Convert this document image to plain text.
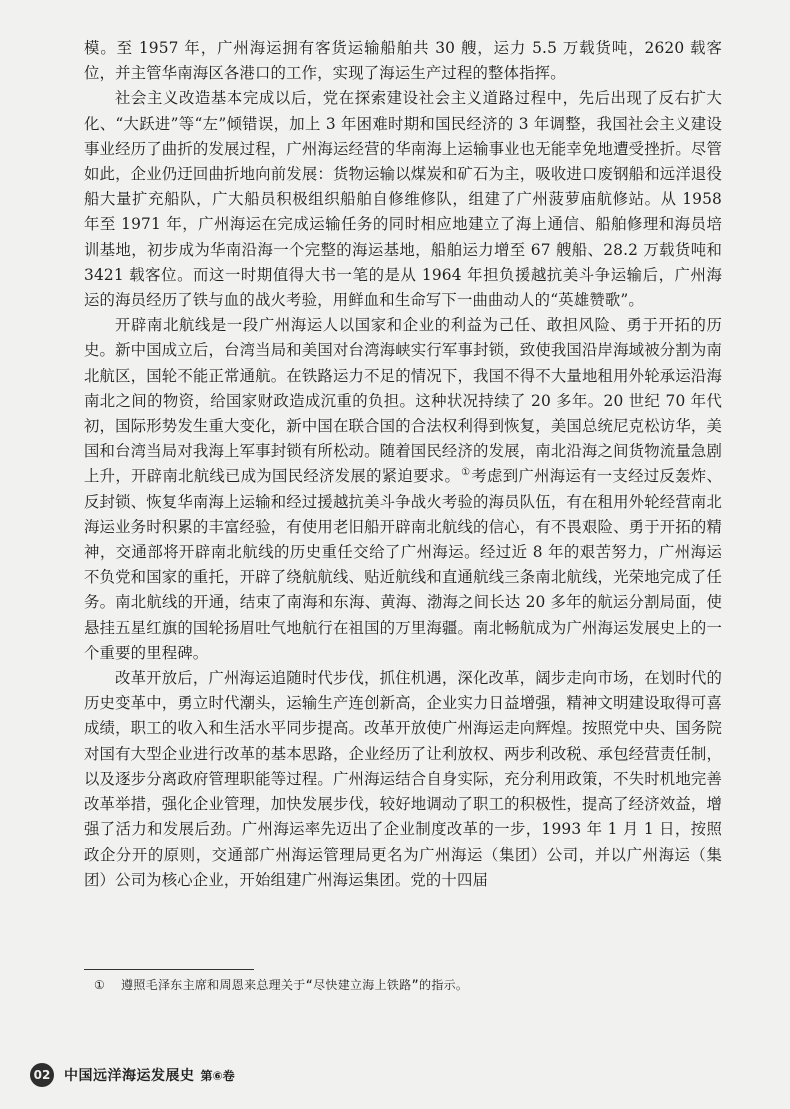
模。至 1957 年，广州海运拥有客货运输船舶共 30 艘，运力 5.5 万载货吨，2620 载客位，并主管华南海区各港口的工作，实现了海运生产过程的整体指挥。

社会主义改造基本完成以后，党在探索建设社会主义道路过程中，先后出现了反右扩大化、“大跃进”等“左”倾错误，加上 3 年困难时期和国民经济的 3 年调整，我国社会主义建设事业经历了曲折的发展过程，广州海运经营的华南海上运输事业也无能幸免地遭受挫折。尽管如此，企业仍迂回曲折地向前发展：货物运输以煤炭和矿石为主，吸收进口废钢船和远洋退役船大量扩充船队，广大船员积极组织船舶自修维修队，组建了广州菠萝庙航修站。从 1958 年至 1971 年，广州海运在完成运输任务的同时相应地建立了海上通信、船舶修理和海员培训基地，初步成为华南沿海一个完整的海运基地，船舶运力增至 67 艘船、28.2 万载货吨和 3421 载客位。而这一时期值得大书一笔的是从 1964 年担负援越抗美斗争运输后，广州海运的海员经历了铁与血的战火考验，用鲜血和生命写下一曲曲动人的“英雄赞歌”。

开辟南北航线是一段广州海运人以国家和企业的利益为己任、敢担风险、勇于开拓的历史。新中国成立后，台湾当局和美国对台湾海峡实行军事封锁，致使我国沿岸海域被分割为南北航区，国轮不能正常通航。在铁路运力不足的情况下，我国不得不大量地租用外轮承运沿海南北之间的物资，给国家财政造成沉重的负担。这种状况持续了 20 多年。20 世纪 70 年代初，国际形势发生重大变化，新中国在联合国的合法权利得到恢复，美国总统尼克松访华，美国和台湾当局对我海上军事封锁有所松动。随着国民经济的发展，南北沿海之间货物流量急剧上升，开辟南北航线已成为国民经济发展的紧迫要求。①考虑到广州海运有一支经过反轰炸、反封锁、恢复华南海上运输和经过援越抗美斗争战火考验的海员队伍，有在租用外轮经营南北海运业务时积累的丰富经验，有使用老旧船开辟南北航线的信心，有不畏艰险、勇于开拓的精神，交通部将开辟南北航线的历史重任交给了广州海运。经过近 8 年的艰苦努力，广州海运不负党和国家的重托，开辟了绕航航线、贴近航线和直通航线三条南北航线，光荣地完成了任务。南北航线的开通，结束了南海和东海、黄海、渤海之间长达 20 多年的航运分割局面，使悬挂五星红旗的国轮扬眉吐气地航行在祖国的万里海疆。南北畅航成为广州海运发展史上的一个重要的里程碑。

改革开放后，广州海运追随时代步伐，抓住机遇，深化改革，阔步走向市场，在划时代的历史变革中，勇立时代潮头，运输生产连创新高，企业实力日益增强，精神文明建设取得可喜成绩，职工的收入和生活水平同步提高。改革开放使广州海运走向辉煌。按照党中央、国务院对国有大型企业进行改革的基本思路，企业经历了让利放权、两步利改税、承包经营责任制，以及逐步分离政府管理职能等过程。广州海运结合自身实际，充分利用政策，不失时机地完善改革举措，强化企业管理，加快发展步伐，较好地调动了职工的积极性，提高了经济效益，增强了活力和发展后劲。广州海运率先迈出了企业制度改革的一步，1993 年 1 月 1 日，按照政企分开的原则，交通部广州海运管理局更名为广州海运（集团）公司，并以广州海运（集团）公司为核心企业，开始组建广州海运集团。党的十四届

① 遵照毛泽东主席和周恩来总理关于“尽快建立海上铁路”的指示。
02 中国远洋海运发展史 第⑥卷
